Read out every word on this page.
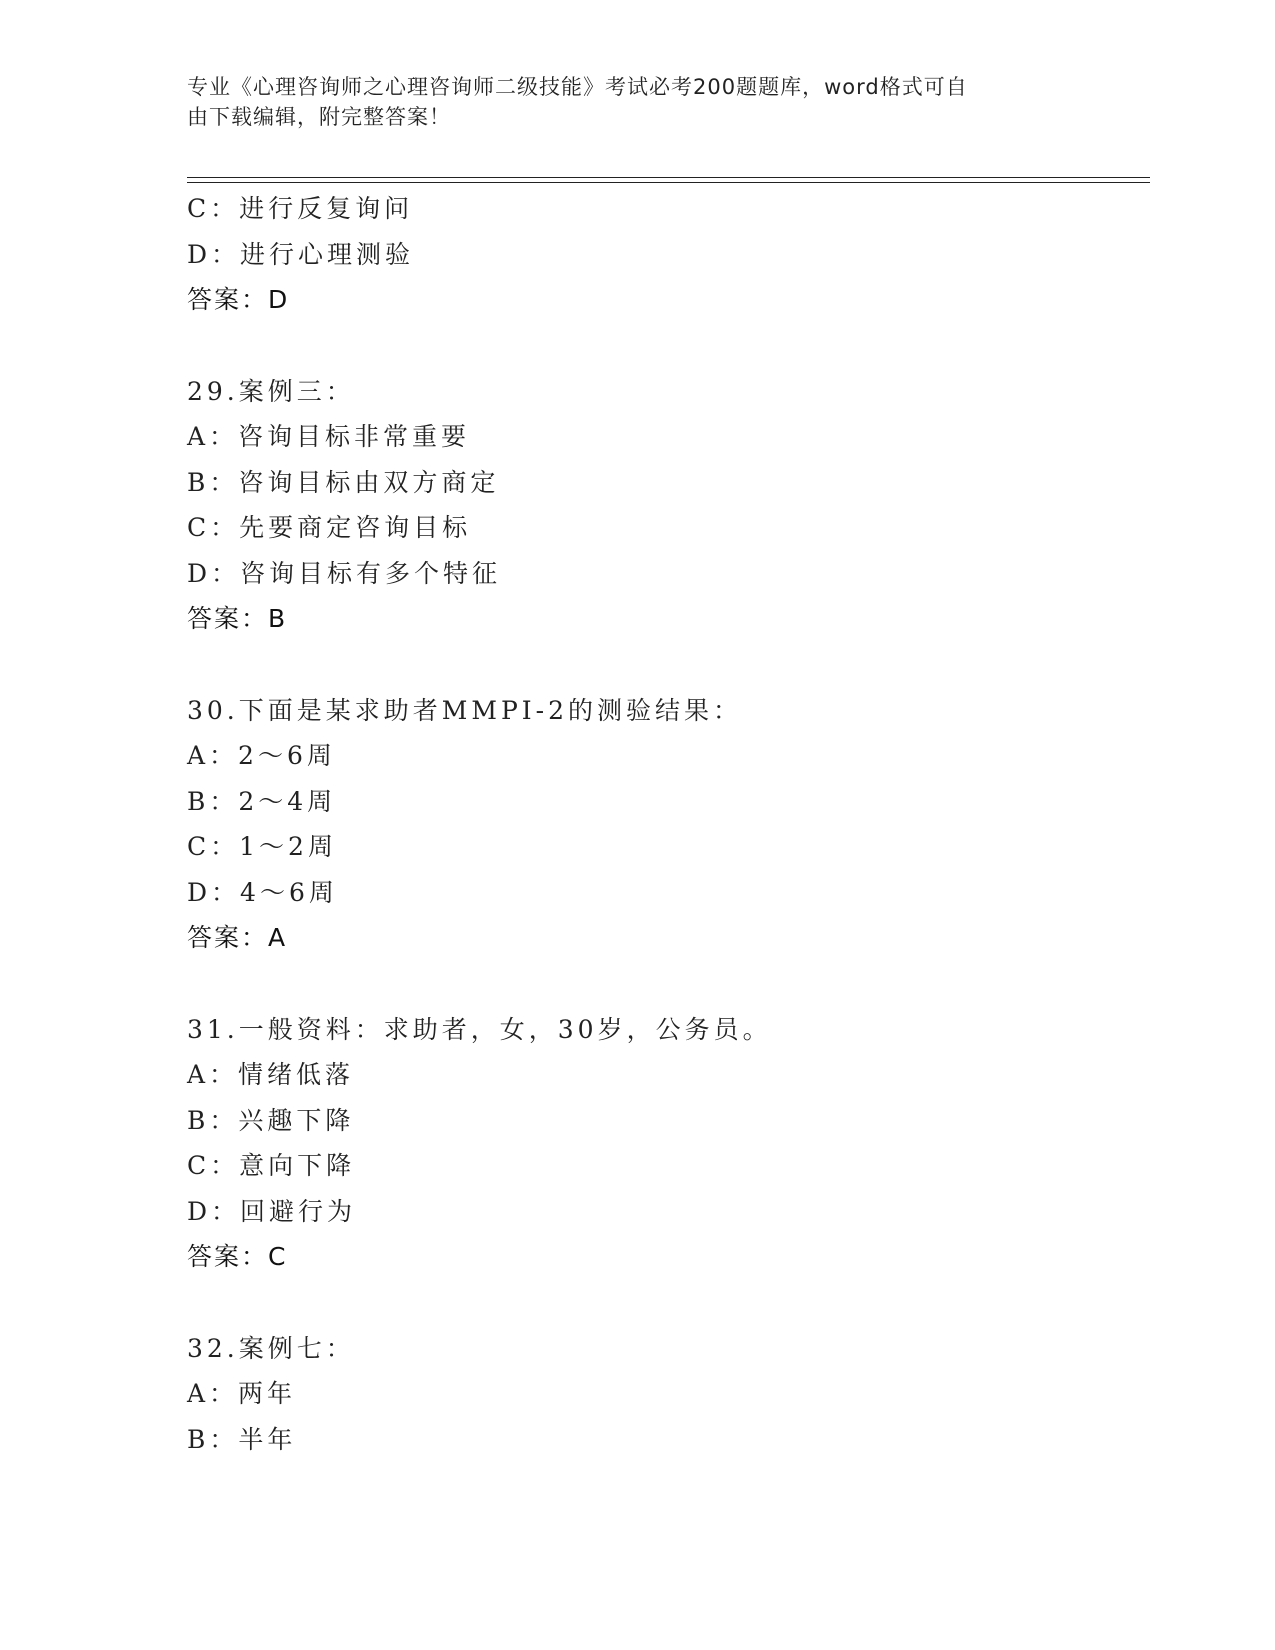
专业《心理咨询师之心理咨询师二级技能》考试必考200题题库，word格式可自
由下载编辑，附完整答案！
C：进行反复询问
D：进行心理测验
答案：D
29.案例三：
A：咨询目标非常重要
B：咨询目标由双方商定
C：先要商定咨询目标
D：咨询目标有多个特征
答案：B
30.下面是某求助者MMPI-2的测验结果：
A：2～6周
B：2～4周
C：1～2周
D：4～6周
答案：A
31.一般资料：求助者，女，30岁，公务员。
A：情绪低落
B：兴趣下降
C：意向下降
D：回避行为
答案：C
32.案例七：
A：两年
B：半年
